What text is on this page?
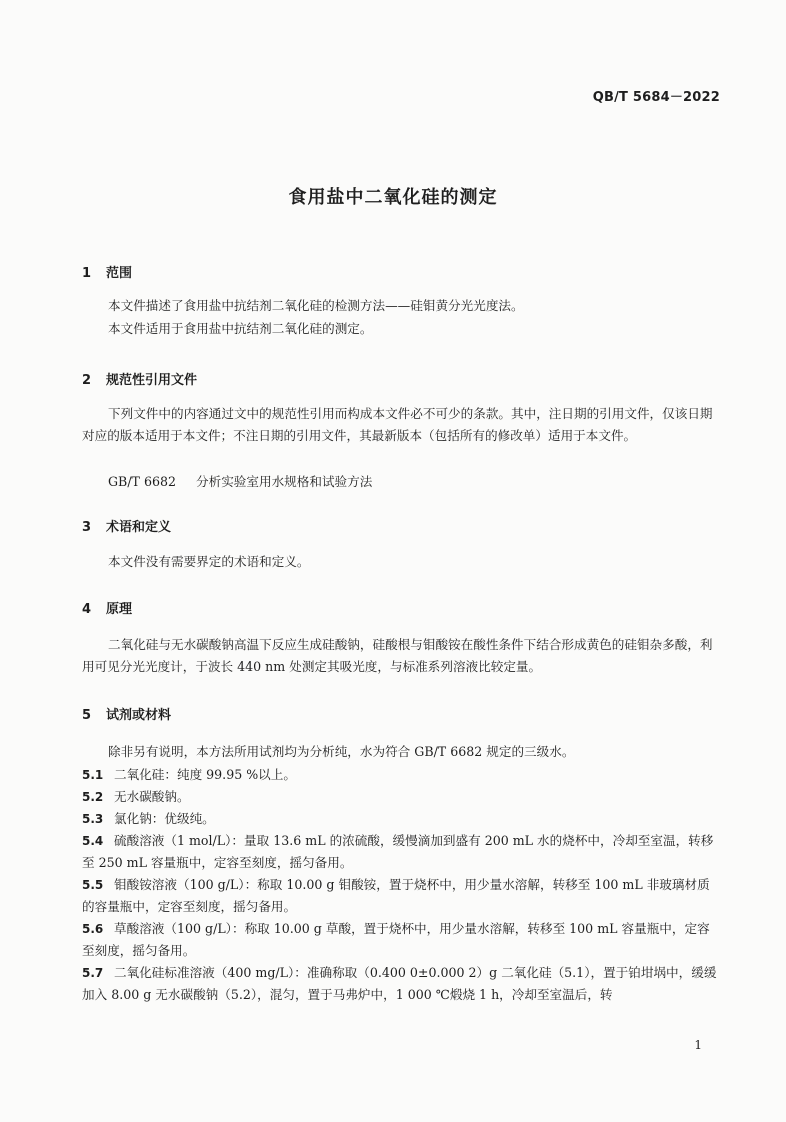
QB/T 5684－2022
食用盐中二氧化硅的测定
1 范围

本文件描述了食用盐中抗结剂二氧化硅的检测方法——硅钼黄分光光度法。

本文件适用于食用盐中抗结剂二氧化硅的测定。

2 规范性引用文件

下列文件中的内容通过文中的规范性引用而构成本文件必不可少的条款。其中，注日期的引用文件，仅该日期对应的版本适用于本文件；不注日期的引用文件，其最新版本（包括所有的修改单）适用于本文件。

GB/T 6682 分析实验室用水规格和试验方法
3 术语和定义

本文件没有需要界定的术语和定义。

4 原理

二氧化硅与无水碳酸钠高温下反应生成硅酸钠，硅酸根与钼酸铵在酸性条件下结合形成黄色的硅钼杂多酸，利用可见分光光度计，于波长 440 nm 处测定其吸光度，与标准系列溶液比较定量。

5 试剂或材料

除非另有说明，本方法所用试剂均为分析纯，水为符合 GB/T 6682 规定的三级水。

5.1 二氧化硅：纯度 99.95 %以上。

5.2 无水碳酸钠。

5.3 氯化钠：优级纯。

5.4 硫酸溶液（1 mol/L）：量取 13.6 mL 的浓硫酸，缓慢滴加到盛有 200 mL 水的烧杯中，冷却至室温，转移至 250 mL 容量瓶中，定容至刻度，摇匀备用。

5.5 钼酸铵溶液（100 g/L）：称取 10.00 g 钼酸铵，置于烧杯中，用少量水溶解，转移至 100 mL 非玻璃材质的容量瓶中，定容至刻度，摇匀备用。

5.6 草酸溶液（100 g/L）：称取 10.00 g 草酸，置于烧杯中，用少量水溶解，转移至 100 mL 容量瓶中，定容至刻度，摇匀备用。

5.7 二氧化硅标准溶液（400 mg/L）：准确称取（0.400 0±0.000 2）g 二氧化硅（5.1），置于铂坩埚中，缓缓加入 8.00 g 无水碳酸钠（5.2），混匀，置于马弗炉中，1 000 ℃煅烧 1 h，冷却至室温后，转

1
